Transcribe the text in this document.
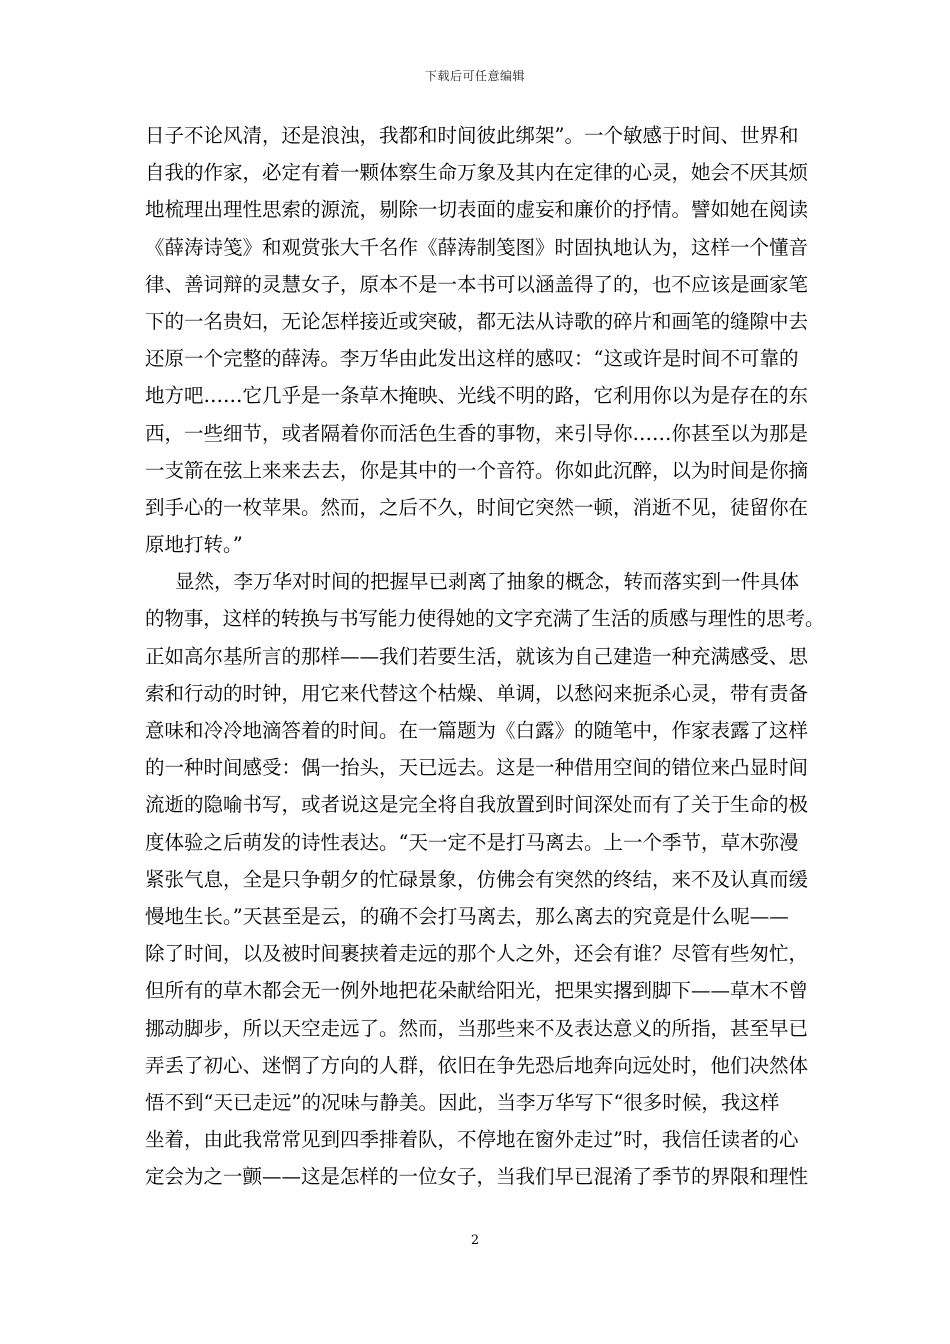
下载后可任意编辑
日子不论风清，还是浪浊，我都和时间彼此绑架”。一个敏感于时间、世界和
自我的作家，必定有着一颗体察生命万象及其内在定律的心灵，她会不厌其烦
地梳理出理性思索的源流，剔除一切表面的虚妄和廉价的抒情。譬如她在阅读
《薛涛诗笺》和观赏张大千名作《薛涛制笺图》时固执地认为，这样一个懂音
律、善词辩的灵慧女子，原本不是一本书可以涵盖得了的，也不应该是画家笔
下的一名贵妇，无论怎样接近或突破，都无法从诗歌的碎片和画笔的缝隙中去
还原一个完整的薛涛。李万华由此发出这样的感叹：“这或许是时间不可靠的
地方吧……它几乎是一条草木掩映、光线不明的路，它利用你以为是存在的东
西，一些细节，或者隔着你而活色生香的事物，来引导你……你甚至以为那是
一支箭在弦上来来去去，你是其中的一个音符。你如此沉醉，以为时间是你摘
到手心的一枚苹果。然而，之后不久，时间它突然一顿，消逝不见，徒留你在
原地打转。”
显然，李万华对时间的把握早已剥离了抽象的概念，转而落实到一件具体
的物事，这样的转换与书写能力使得她的文字充满了生活的质感与理性的思考。
正如高尔基所言的那样——我们若要生活，就该为自己建造一种充满感受、思
索和行动的时钟，用它来代替这个枯燥、单调，以愁闷来扼杀心灵，带有责备
意味和冷冷地滴答着的时间。在一篇题为《白露》的随笔中，作家表露了这样
的一种时间感受：偶一抬头，天已远去。这是一种借用空间的错位来凸显时间
流逝的隐喻书写，或者说这是完全将自我放置到时间深处而有了关于生命的极
度体验之后萌发的诗性表达。“天一定不是打马离去。上一个季节，草木弥漫
紧张气息，全是只争朝夕的忙碌景象，仿佛会有突然的终结，来不及认真而缓
慢地生长。”天甚至是云，的确不会打马离去，那么离去的究竟是什么呢——
除了时间，以及被时间裹挟着走远的那个人之外，还会有谁？尽管有些匆忙，
但所有的草木都会无一例外地把花朵献给阳光，把果实撂到脚下——草木不曾
挪动脚步，所以天空走远了。然而，当那些来不及表达意义的所指，甚至早已
弄丢了初心、迷惘了方向的人群，依旧在争先恐后地奔向远处时，他们决然体
悟不到“天已走远”的况味与静美。因此，当李万华写下“很多时候，我这样
坐着，由此我常常见到四季排着队，不停地在窗外走过”时，我信任读者的心
定会为之一颤——这是怎样的一位女子，当我们早已混淆了季节的界限和理性
2
